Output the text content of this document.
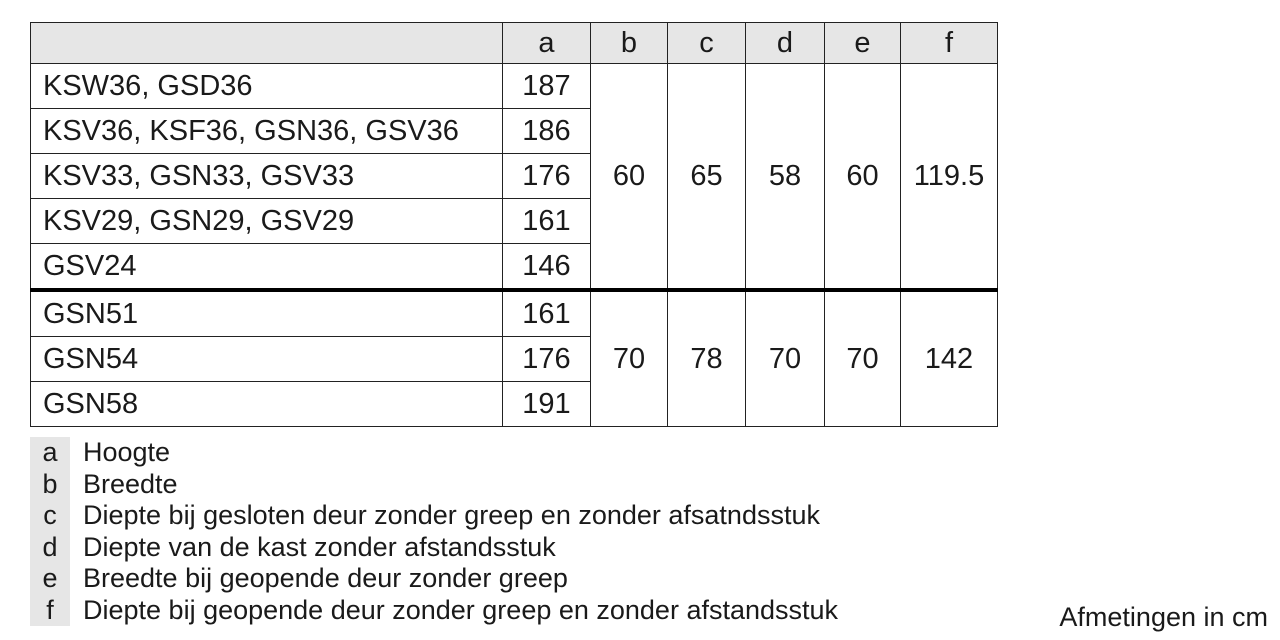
	a	b	c	d	e	f
KSW36, GSD36	187	60	65	58	60	119.5
KSV36, KSF36, GSN36, GSV36	186					
KSV33, GSN33, GSV33	176					
KSV29, GSN29, GSV29	161					
GSV24	146					
GSN51	161	70	78	70	70	142
GSN54	176					
GSN58	191					
a Hoogte
b Breedte
c Diepte bij gesloten deur zonder greep en zonder afsatndsstuk
d Diepte van de kast zonder afstandsstuk
e Breedte bij geopende deur zonder greep
f	Diepte bij geopende deur zonder greep en zonder afstandsstuk	Afmetingen in cm
